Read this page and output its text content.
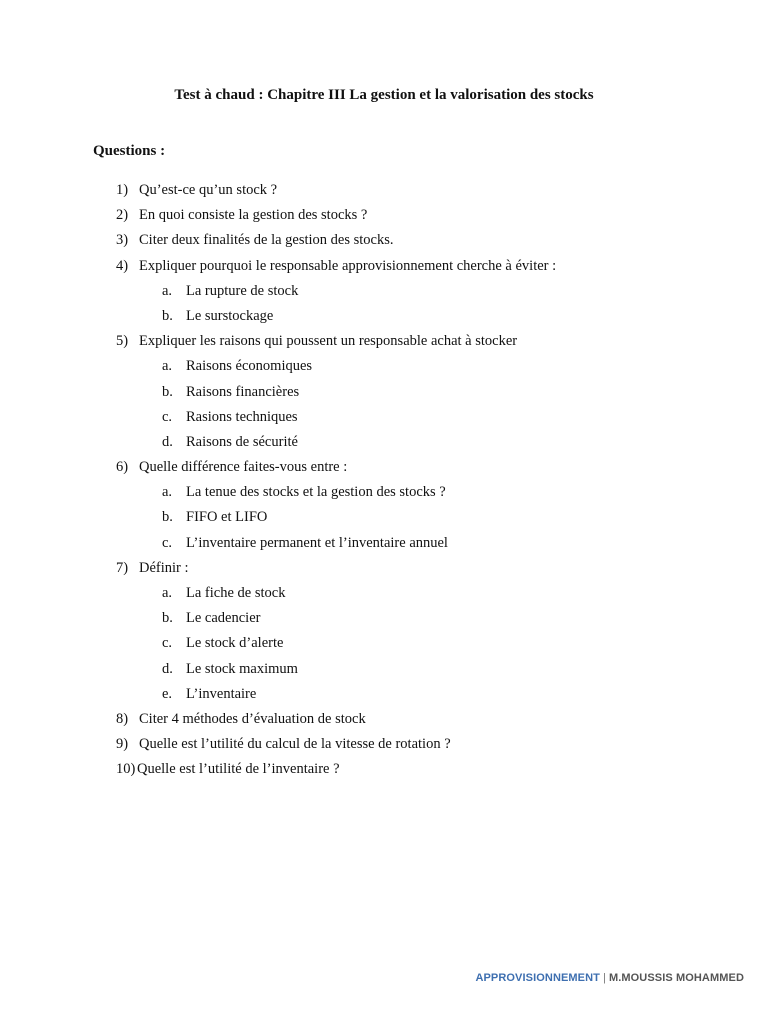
Test à chaud : Chapitre III La gestion et la valorisation des stocks
Questions :
1) Qu’est-ce qu’un stock ?
2) En quoi consiste la gestion des stocks ?
3) Citer deux finalités de la gestion des stocks.
4) Expliquer pourquoi le responsable approvisionnement cherche à éviter :
a. La rupture de stock
b. Le surstockage
5) Expliquer les raisons qui poussent un responsable achat à stocker
a. Raisons économiques
b. Raisons financières
c. Rasions techniques
d. Raisons de sécurité
6) Quelle différence faites-vous entre :
a. La tenue des stocks et la gestion des stocks ?
b. FIFO et LIFO
c. L’inventaire permanent et l’inventaire annuel
7) Définir :
a. La fiche de stock
b. Le cadencier
c. Le stock d’alerte
d. Le stock maximum
e. L’inventaire
8) Citer 4 méthodes d’évaluation de stock
9) Quelle est l’utilité du calcul de la vitesse de rotation ?
10) Quelle est l’utilité de l’inventaire ?
APPROVISIONNEMENT | M.MOUSSIS MOHAMMED
